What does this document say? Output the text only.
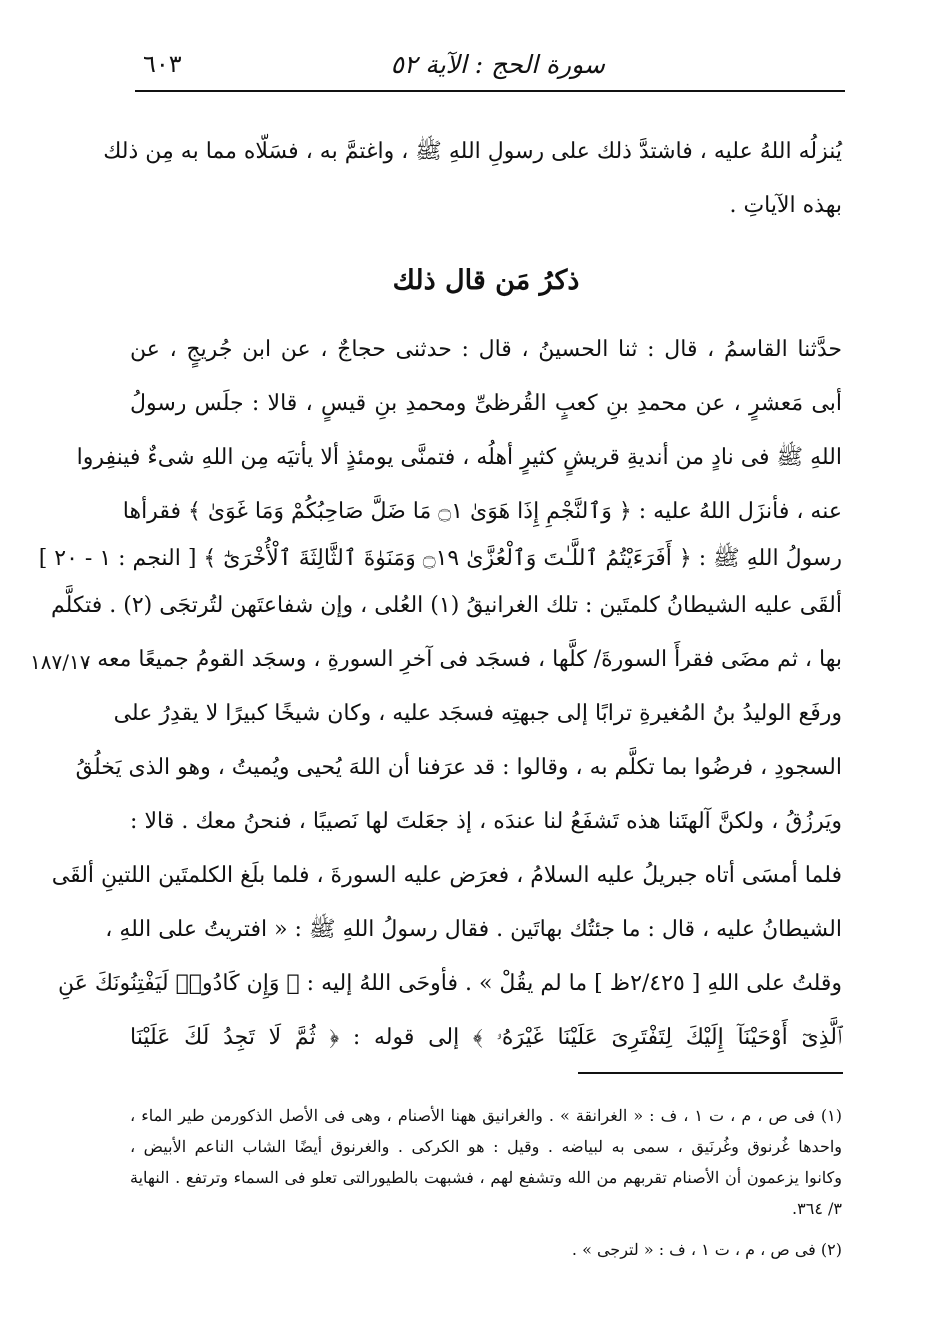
سورة الحج : الآية ٥٢
٦٠٣
يُنزلُه اللهُ عليه ، فاشتدَّ ذلك على رسولِ اللهِ ﷺ ، واغتمَّ به ، فسَلّاه مما به مِن ذلك
بهذه الآياتِ .
ذكرُ مَن قال ذلك
حدَّثنا القاسمُ ، قال : ثنا الحسينُ ، قال : حدثنى حجاجٌ ، عن ابن جُريجٍ ، عن
أبى مَعشرٍ ، عن محمدِ بنِ كعبٍ القُرظىِّ ومحمدِ بنِ قيسٍ ، قالا : جلَس رسولُ
اللهِ ﷺ فى نادٍ من أنديةِ قريشٍ كثيرٍ أهلُه ، فتمنَّى يومئذٍ ألا يأتيَه مِن اللهِ شىءٌ فينفِروا
عنه ، فأنزَل اللهُ عليه : ﴿ وَٱلنَّجْمِ إِذَا هَوَىٰ ۝١ مَا ضَلَّ صَاحِبُكُمْ وَمَا غَوَىٰ ﴾ فقرأها
رسولُ اللهِ ﷺ : ﴿ أَفَرَءَيْتُمُ ٱللَّـٰتَ وَٱلْعُزَّىٰ ۝١٩ وَمَنَوٰةَ ٱلثَّالِثَةَ ٱلْأُخْرَىٰٓ ﴾ [ النجم : ١ - ٢٠ ]
ألقَى عليه الشيطانُ كلمتَين : تلك الغرانيقُ (١) العُلى ، وإن شفاعتَهن لتُرتجَى (٢) . فتكلَّم
بها ، ثم مضَى فقرأَ السورةَ/ كلَّها ، فسجَد فى آخرِ السورةِ ، وسجَد القومُ جميعًا معه ،
ورفَع الوليدُ بنُ المُغيرةِ ترابًا إلى جبهتِه فسجَد عليه ، وكان شيخًا كبيرًا لا يقدِرُ على
السجودِ ، فرضُوا بما تكلَّم به ، وقالوا : قد عرَفنا أن اللهَ يُحيى ويُميتُ ، وهو الذى يَخلُقُ
ويَرزُقُ ، ولكنَّ آلهتَنا هذه تَشفَعُ لنا عندَه ، إذ جعَلتَ لها نَصيبًا ، فنحنُ معك . قالا :
فلما أمسَى أتاه جبريلُ عليه السلامُ ، فعرَض عليه السورةَ ، فلما بلَغ الكلمتَين اللتينِ ألقَى
الشيطانُ عليه ، قال : ما جئتُك بهاتَين . فقال رسولُ اللهِ ﷺ : « افتريتُ على اللهِ ،
وقلتُ على اللهِ [ ٢/٤٢٥ظ ] ما لم يقُلْ » . فأوحَى اللهُ إليه : ﴿ وَإِن كَادُوا۟ لَيَفْتِنُونَكَ عَنِ
ٱلَّذِىٓ أَوْحَيْنَآ إِلَيْكَ لِتَفْتَرِىَ عَلَيْنَا غَيْرَهُۥ ﴾ إلى قوله : ﴿ ثُمَّ لَا تَجِدُ لَكَ عَلَيْنَا
١٨٧/١٧
(١) فى ص ، م ، ت ١ ، ف : « الغرانقة » . والغرانيق ههنا الأصنام ، وهى فى الأصل الذكورمن طير الماء ،
واحدها غُرنوق وغُرنَيق ، سمى به لبياضه . وقيل : هو الكركى . والغرنوق أيضًا الشاب الناعم الأبيض ،
وكانوا يزعمون أن الأصنام تقربهم من الله وتشفع لهم ، فشبهت بالطيورالتى تعلو فى السماء وترتفع . النهاية
٣/ ٣٦٤.
(٢) فى ص ، م ، ت ١ ، ف : « لترجى » .
